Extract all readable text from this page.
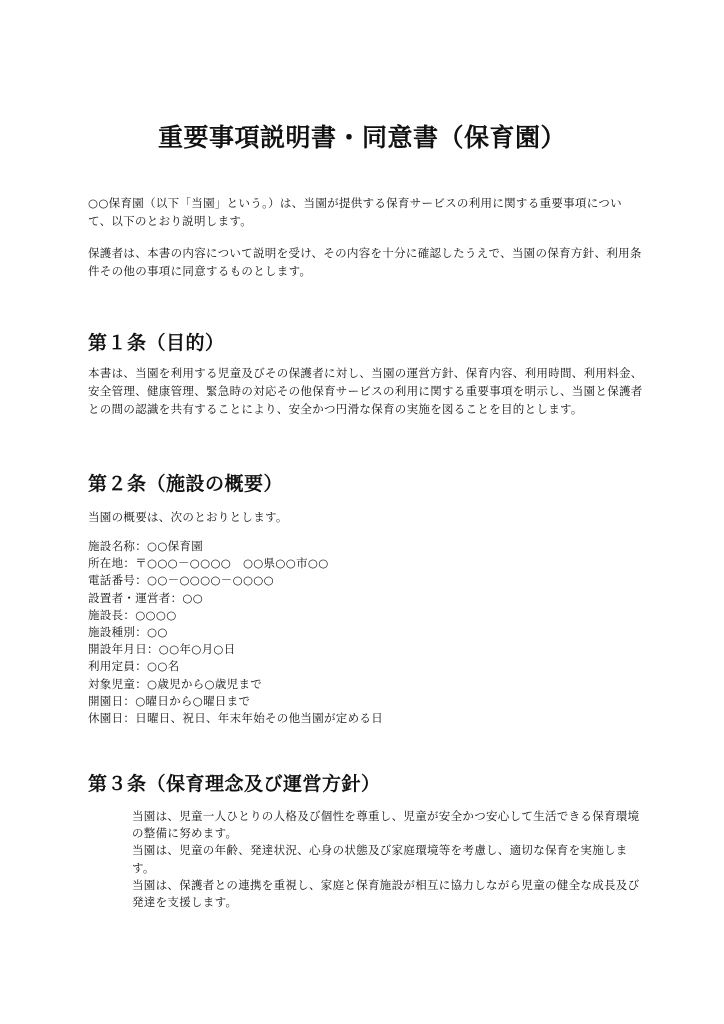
重要事項説明書・同意書（保育園）

○○保育園（以下「当園」という。）は、当園が提供する保育サービスの利用に関する重要事項について、以下のとおり説明します。

保護者は、本書の内容について説明を受け、その内容を十分に確認したうえで、当園の保育方針、利用条件その他の事項に同意するものとします。

第１条（目的）

本書は、当園を利用する児童及びその保護者に対し、当園の運営方針、保育内容、利用時間、利用料金、安全管理、健康管理、緊急時の対応その他保育サービスの利用に関する重要事項を明示し、当園と保護者との間の認識を共有することにより、安全かつ円滑な保育の実施を図ることを目的とします。

第２条（施設の概要）

当園の概要は、次のとおりとします。

施設名称：○○保育園
所在地：〒○○○－○○○○　○○県○○市○○
電話番号：○○－○○○○－○○○○
設置者・運営者：○○
施設長：○○○○
施設種別：○○
開設年月日：○○年○月○日
利用定員：○○名
対象児童：○歳児から○歳児まで
開園日：○曜日から○曜日まで
休園日：日曜日、祝日、年末年始その他当園が定める日
第３条（保育理念及び運営方針）
当園は、児童一人ひとりの人格及び個性を尊重し、児童が安全かつ安心して生活できる保育環境の整備に努めます。
当園は、児童の年齢、発達状況、心身の状態及び家庭環境等を考慮し、適切な保育を実施します。
当園は、保護者との連携を重視し、家庭と保育施設が相互に協力しながら児童の健全な成長及び発達を支援します。
